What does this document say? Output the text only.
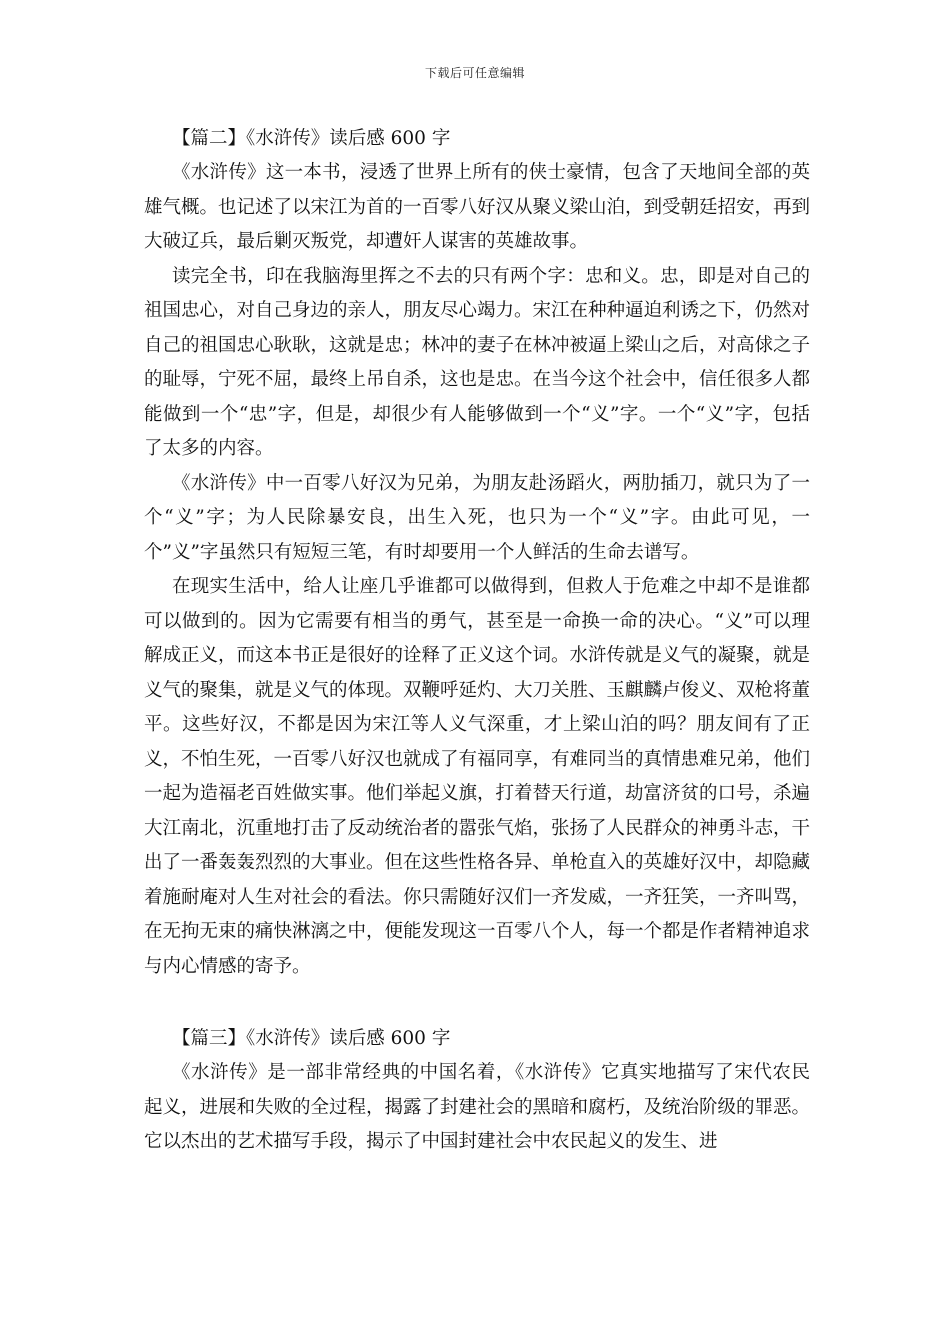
下载后可任意编辑
【篇二】《水浒传》读后感 600 字

《水浒传》这一本书，浸透了世界上所有的侠士豪情，包含了天地间全部的英雄气概。也记述了以宋江为首的一百零八好汉从聚义梁山泊，到受朝廷招安，再到大破辽兵，最后剿灭叛党，却遭奸人谋害的英雄故事。

读完全书，印在我脑海里挥之不去的只有两个字：忠和义。忠，即是对自己的祖国忠心，对自己身边的亲人，朋友尽心竭力。宋江在种种逼迫利诱之下，仍然对自己的祖国忠心耿耿，这就是忠；林冲的妻子在林冲被逼上梁山之后，对高俅之子的耻辱，宁死不屈，最终上吊自杀，这也是忠。在当今这个社会中，信任很多人都能做到一个“忠”字，但是，却很少有人能够做到一个“义”字。一个“义”字，包括了太多的内容。

《水浒传》中一百零八好汉为兄弟，为朋友赴汤蹈火，两肋插刀，就只为了一个“义”字；为人民除暴安良，出生入死，也只为一个“义”字。由此可见，一个”义”字虽然只有短短三笔，有时却要用一个人鲜活的生命去谱写。

在现实生活中，给人让座几乎谁都可以做得到，但救人于危难之中却不是谁都可以做到的。因为它需要有相当的勇气，甚至是一命换一命的决心。“义”可以理解成正义，而这本书正是很好的诠释了正义这个词。水浒传就是义气的凝聚，就是义气的聚集，就是义气的体现。双鞭呼延灼、大刀关胜、玉麒麟卢俊义、双枪将董平。这些好汉，不都是因为宋江等人义气深重，才上梁山泊的吗？朋友间有了正义，不怕生死，一百零八好汉也就成了有福同享，有难同当的真情患难兄弟，他们一起为造福老百姓做实事。他们举起义旗，打着替天行道，劫富济贫的口号，杀遍大江南北，沉重地打击了反动统治者的嚣张气焰，张扬了人民群众的神勇斗志，干出了一番轰轰烈烈的大事业。但在这些性格各异、单枪直入的英雄好汉中，却隐藏着施耐庵对人生对社会的看法。你只需随好汉们一齐发威，一齐狂笑，一齐叫骂，在无拘无束的痛快淋漓之中，便能发现这一百零八个人，每一个都是作者精神追求与内心情感的寄予。

【篇三】《水浒传》读后感 600 字

《水浒传》是一部非常经典的中国名着，《水浒传》它真实地描写了宋代农民起义，进展和失败的全过程，揭露了封建社会的黑暗和腐朽，及统治阶级的罪恶。它以杰出的艺术描写手段，揭示了中国封建社会中农民起义的发生、进
